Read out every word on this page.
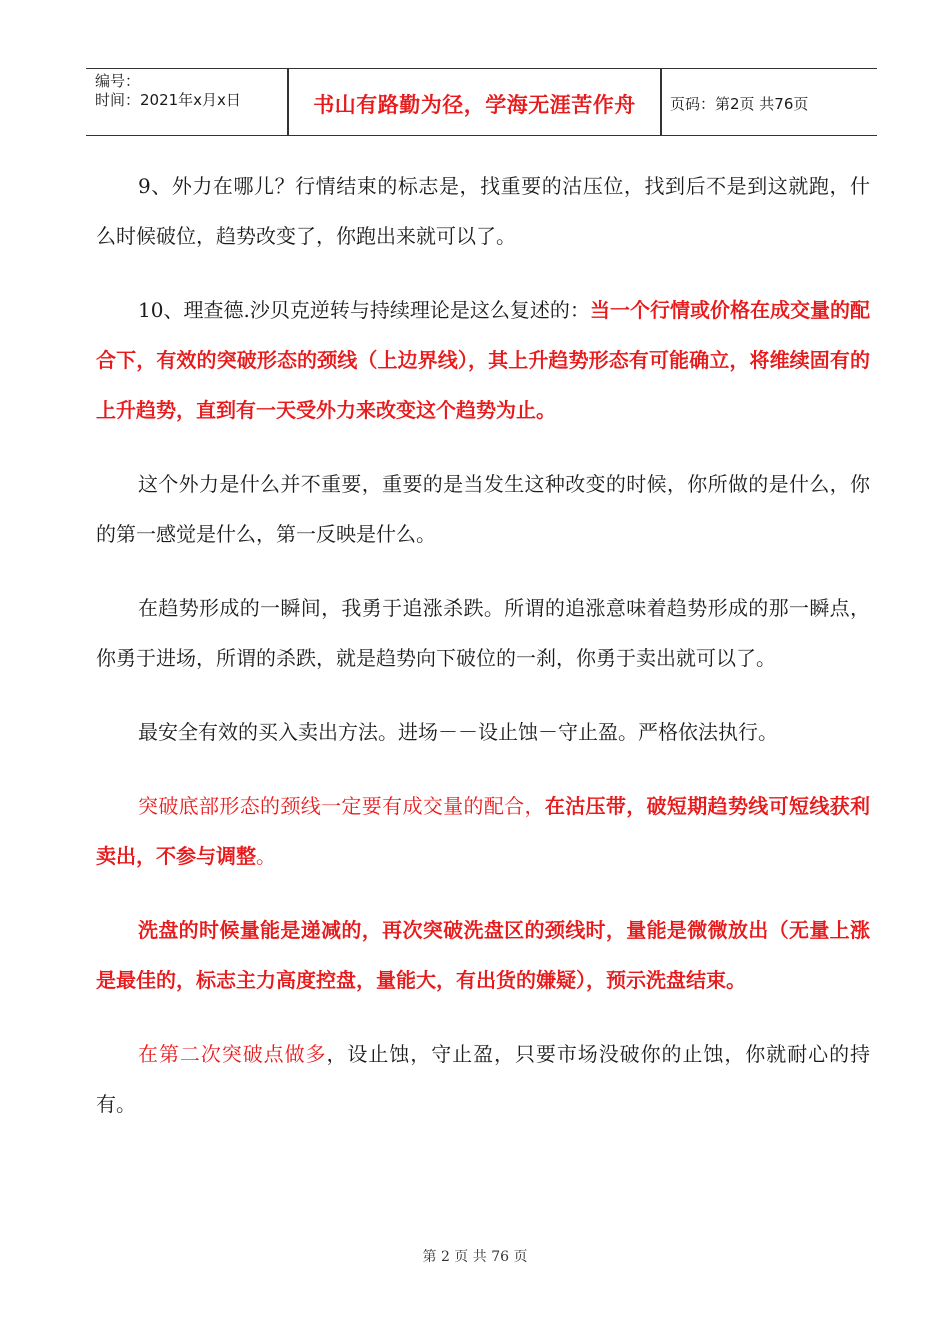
编号：
时间：2021年x月x日	书山有路勤为径，学海无涯苦作舟	页码：第2页 共76页

9、外力在哪儿？行情结束的标志是，找重要的沽压位，找到后不是到这就跑，什么时候破位，趋势改变了，你跑出来就可以了。

10、理查德.沙贝克逆转与持续理论是这么复述的：当一个行情或价格在成交量的配合下，有效的突破形态的颈线（上边界线），其上升趋势形态有可能确立，将维续固有的上升趋势，直到有一天受外力来改变这个趋势为止。

这个外力是什么并不重要，重要的是当发生这种改变的时候，你所做的是什么，你的第一感觉是什么，第一反映是什么。

在趋势形成的一瞬间，我勇于追涨杀跌。所谓的追涨意味着趋势形成的那一瞬点，你勇于进场，所谓的杀跌，就是趋势向下破位的一刹，你勇于卖出就可以了。

最安全有效的买入卖出方法。进场－－设止蚀－守止盈。严格依法执行。

突破底部形态的颈线一定要有成交量的配合，在沽压带，破短期趋势线可短线获利卖出，不参与调整。

洗盘的时候量能是递减的，再次突破洗盘区的颈线时，量能是微微放出（无量上涨是最佳的，标志主力高度控盘，量能大，有出货的嫌疑），预示洗盘结束。

在第二次突破点做多，设止蚀，守止盈，只要市场没破你的止蚀，你就耐心的持有。

第 2 页 共 76 页
